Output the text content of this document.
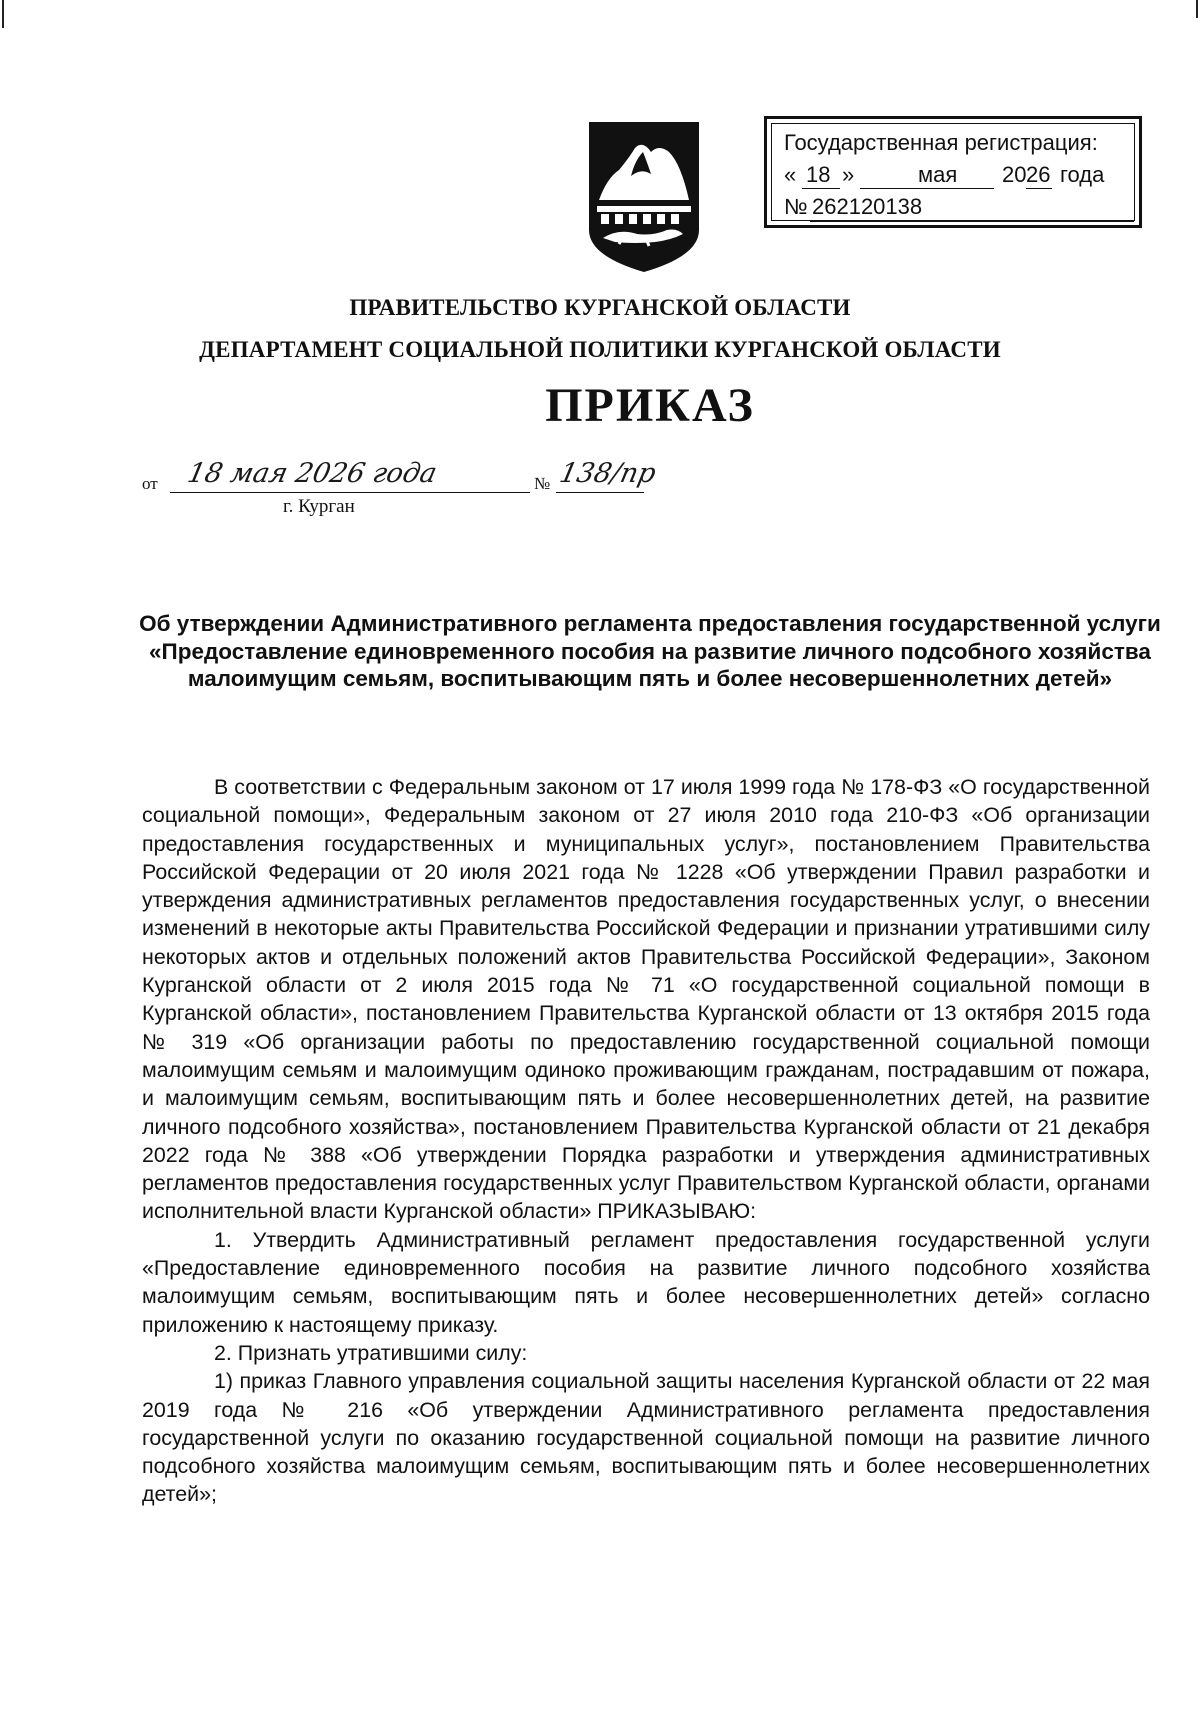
Государственная регистрация:
« 18 »	мая 20 26 года
№ 262120138
ПРАВИТЕЛЬСТВО КУРГАНСКОЙ ОБЛАСТИ
ДЕПАРТАМЕНТ СОЦИАЛЬНОЙ ПОЛИТИКИ КУРГАНСКОЙ ОБЛАСТИ
ПРИКАЗ
от 18 мая 2026 года	№ 138/пр
г. Курган
Об утверждении Административного регламента предоставления государственной услуги «Предоставление единовременного пособия на развитие личного подсобного хозяйства малоимущим семьям, воспитывающим пять и более несовершеннолетних детей»

В соответствии с Федеральным законом от 17 июля 1999 года № 178-ФЗ «О государственной социальной помощи», Федеральным законом от 27 июля 2010 года 210-ФЗ «Об организации предоставления государственных и муниципальных услуг», постановлением Правительства Российской Федерации от 20 июля 2021 года № 1228 «Об утверждении Правил разработки и утверждения административных регламентов предоставления государственных услуг, о внесении изменений в некоторые акты Правительства Российской Федерации и признании утратившими силу некоторых актов и отдельных положений актов Правительства Российской Федерации», Законом Курганской области от 2 июля 2015 года № 71 «О государственной социальной помощи в Курганской области», постановлением Правительства Курганской области от 13 октября 2015 года № 319 «Об организации работы по предоставлению государственной социальной помощи малоимущим семьям и малоимущим одиноко проживающим гражданам, пострадавшим от пожара, и малоимущим семьям, воспитывающим пять и более несовершеннолетних детей, на развитие личного подсобного хозяйства», постановлением Правительства Курганской области от 21 декабря 2022 года № 388 «Об утверждении Порядка разработки и утверждения административных регламентов предоставления государственных услуг Правительством Курганской области, органами исполнительной власти Курганской области» ПРИКАЗЫВАЮ:

1. Утвердить Административный регламент предоставления государственной услуги «Предоставление единовременного пособия на развитие личного подсобного хозяйства малоимущим семьям, воспитывающим пять и более несовершеннолетних детей» согласно приложению к настоящему приказу.

2. Признать утратившими силу:

1) приказ Главного управления социальной защиты населения Курганской области от 22 мая 2019 года № 216 «Об утверждении Административного регламента предоставления государственной услуги по оказанию государственной социальной помощи на развитие личного подсобного хозяйства малоимущим семьям, воспитывающим пять и более несовершеннолетних детей»;
